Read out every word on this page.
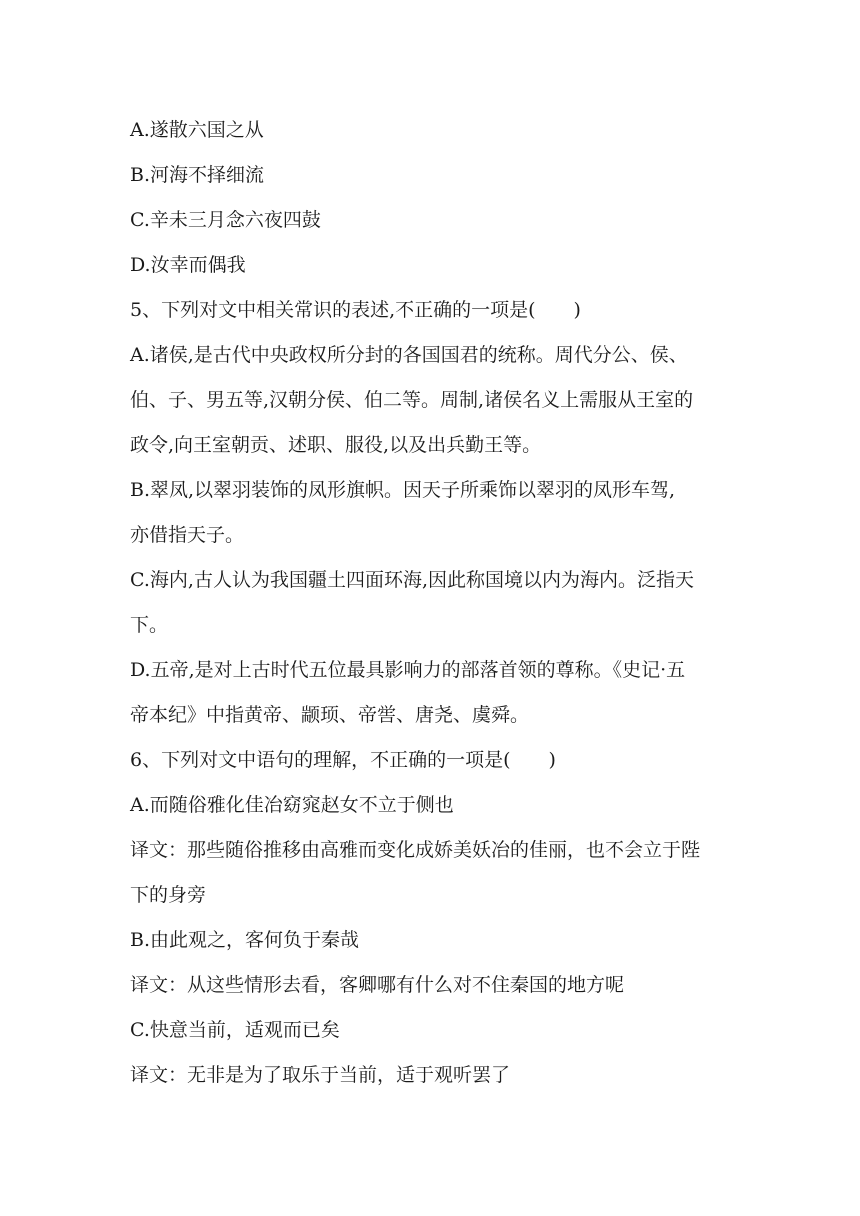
A.遂散六国之从

B.河海不择细流

C.辛未三月念六夜四鼓

D.汝幸而偶我

5、下列对文中相关常识的表述,不正确的一项是(　　)

A.诸侯,是古代中央政权所分封的各国国君的统称。周代分公、侯、

伯、子、男五等,汉朝分侯、伯二等。周制,诸侯名义上需服从王室的

政令,向王室朝贡、述职、服役,以及出兵勤王等。

B.翠凤,以翠羽装饰的凤形旗帜。因天子所乘饰以翠羽的凤形车驾,

亦借指天子。

C.海内,古人认为我国疆土四面环海,因此称国境以内为海内。泛指天

下。

D.五帝,是对上古时代五位最具影响力的部落首领的尊称。《史记·五

帝本纪》中指黄帝、颛顼、帝喾、唐尧、虞舜。

6、下列对文中语句的理解，不正确的一项是(　　)

A.而随俗雅化佳冶窈窕赵女不立于侧也

译文：那些随俗推移由高雅而变化成娇美妖冶的佳丽，也不会立于陛

下的身旁

B.由此观之，客何负于秦哉

译文：从这些情形去看，客卿哪有什么对不住秦国的地方呢

C.快意当前，适观而已矣

译文：无非是为了取乐于当前，适于观听罢了
